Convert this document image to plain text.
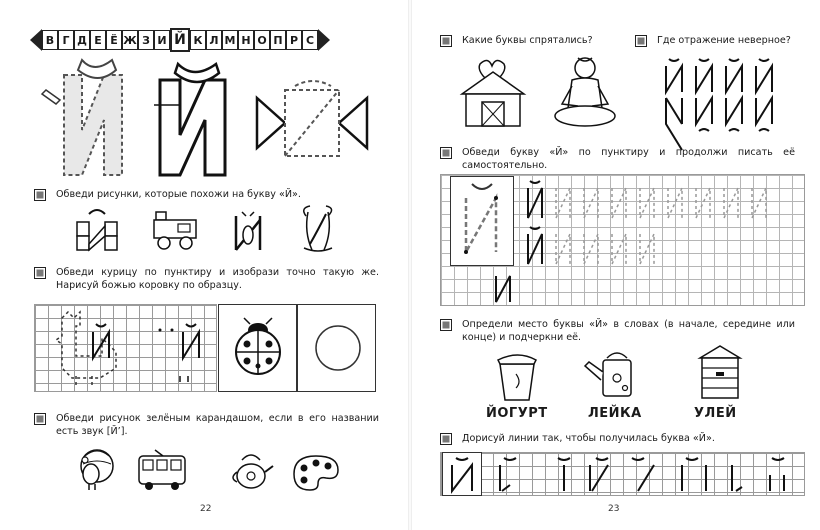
В Г Д Е Ё Ж З И Й К Л М Н О П Р С
Обведи рисунки, которые похожи на букву «Й».
Обведи курицу по пунктиру и изобрази точно такую же. Нарисуй божью коровку по образцу.
Обведи рисунок зелёным карандашом, если в его названии есть звук [Й’].
22
Какие буквы спрятались?	Где отражение неверное?
Обведи букву «Й» по пунктиру и продолжи писать её самостоятельно.
Определи место буквы «Й» в словах (в начале, середине или конце) и подчеркни её.
ЙОГУРТ	ЛЕЙКА	УЛЕЙ
Дорисуй линии так, чтобы получилась буква «Й».
23
